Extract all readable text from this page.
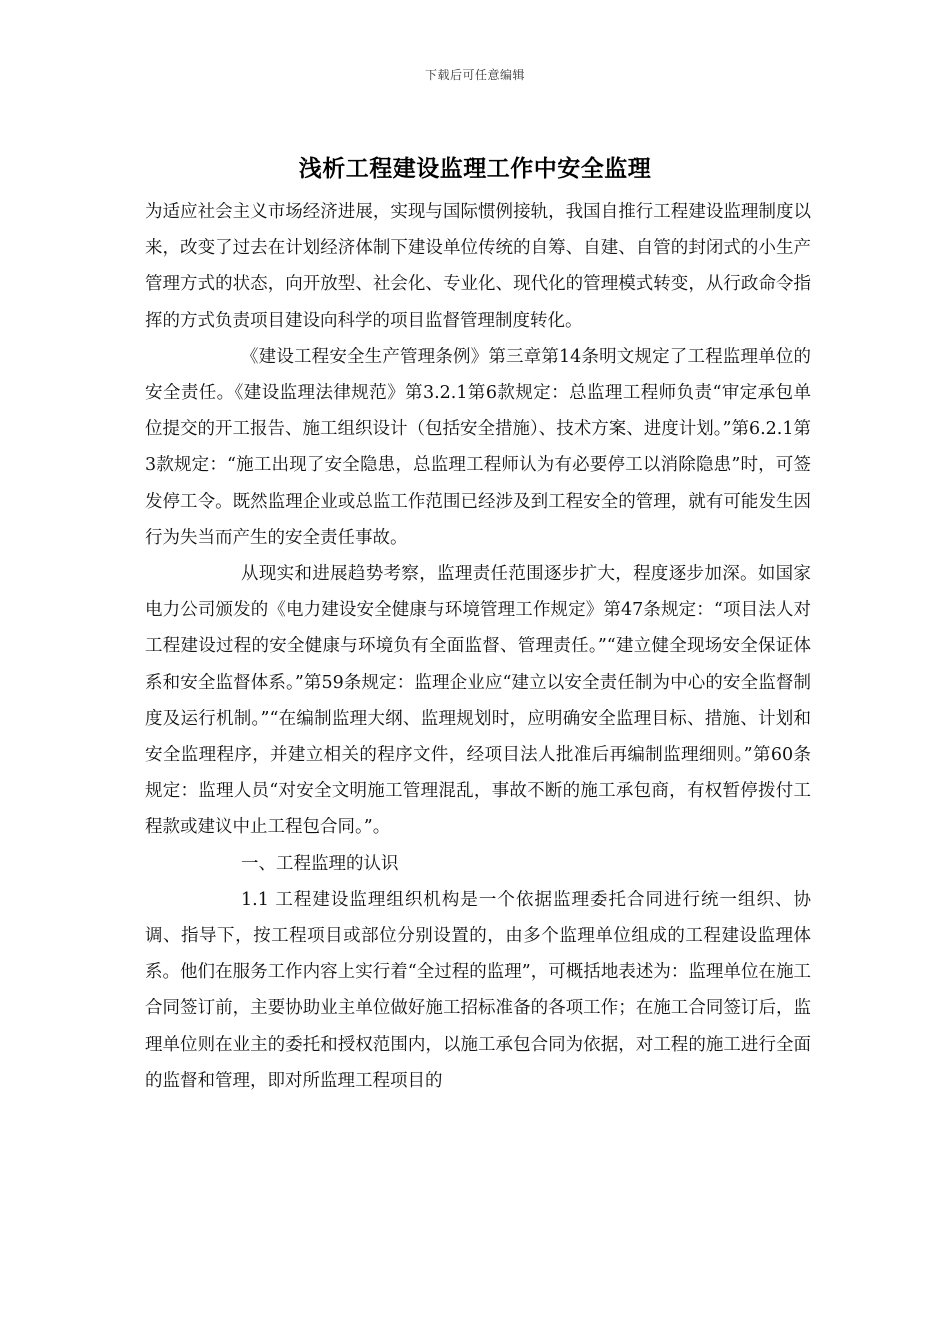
下载后可任意编辑
浅析工程建设监理工作中安全监理

为适应社会主义市场经济进展，实现与国际惯例接轨，我国自推行工程建设监理制度以来，改变了过去在计划经济体制下建设单位传统的自筹、自建、自管的封闭式的小生产管理方式的状态，向开放型、社会化、专业化、现代化的管理模式转变，从行政命令指挥的方式负责项目建设向科学的项目监督管理制度转化。

《建设工程安全生产管理条例》第三章第14条明文规定了工程监理单位的安全责任。《建设监理法律规范》第3.2.1第6款规定：总监理工程师负责“审定承包单位提交的开工报告、施工组织设计（包括安全措施）、技术方案、进度计划。”第6.2.1第3款规定：“施工出现了安全隐患，总监理工程师认为有必要停工以消除隐患”时，可签发停工令。既然监理企业或总监工作范围已经涉及到工程安全的管理，就有可能发生因行为失当而产生的安全责任事故。

从现实和进展趋势考察，监理责任范围逐步扩大，程度逐步加深。如国家电力公司颁发的《电力建设安全健康与环境管理工作规定》第47条规定：“项目法人对工程建设过程的安全健康与环境负有全面监督、管理责任。”“建立健全现场安全保证体系和安全监督体系。”第59条规定：监理企业应“建立以安全责任制为中心的安全监督制度及运行机制。”“在编制监理大纲、监理规划时，应明确安全监理目标、措施、计划和安全监理程序，并建立相关的程序文件，经项目法人批准后再编制监理细则。”第60条规定：监理人员“对安全文明施工管理混乱，事故不断的施工承包商，有权暂停拨付工程款或建议中止工程包合同。”。

一、工程监理的认识

1.1 工程建设监理组织机构是一个依据监理委托合同进行统一组织、协调、指导下，按工程项目或部位分别设置的，由多个监理单位组成的工程建设监理体系。他们在服务工作内容上实行着“全过程的监理”，可概括地表述为：监理单位在施工合同签订前，主要协助业主单位做好施工招标准备的各项工作；在施工合同签订后，监理单位则在业主的委托和授权范围内，以施工承包合同为依据，对工程的施工进行全面的监督和管理，即对所监理工程项目的
